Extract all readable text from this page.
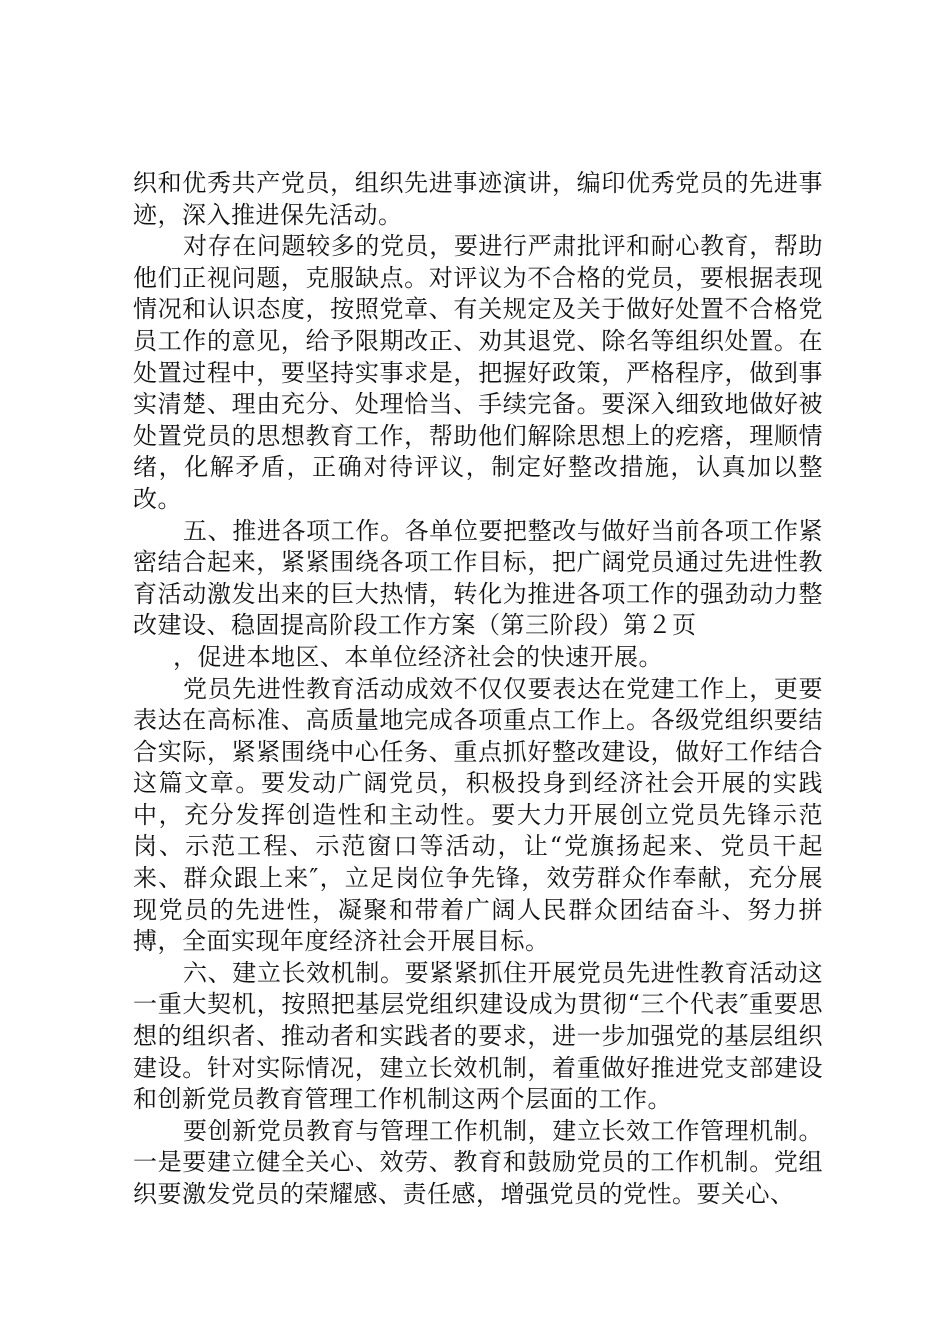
织和优秀共产党员，组织先进事迹演讲，编印优秀党员的先进事迹，深入推进保先活动。

对存在问题较多的党员，要进行严肃批评和耐心教育，帮助他们正视问题，克服缺点。对评议为不合格的党员，要根据表现情况和认识态度，按照党章、有关规定及关于做好处置不合格党员工作的意见，给予限期改正、劝其退党、除名等组织处置。在处置过程中，要坚持实事求是，把握好政策，严格程序，做到事实清楚、理由充分、处理恰当、手续完备。要深入细致地做好被处置党员的思想教育工作，帮助他们解除思想上的疙瘩，理顺情绪，化解矛盾，正确对待评议，制定好整改措施，认真加以整改。

五、推进各项工作。各单位要把整改与做好当前各项工作紧密结合起来，紧紧围绕各项工作目标，把广阔党员通过先进性教育活动激发出来的巨大热情，转化为推进各项工作的强劲动力整改建设、稳固提高阶段工作方案（第三阶段）第２页

，促进本地区、本单位经济社会的快速开展。

党员先进性教育活动成效不仅仅要表达在党建工作上，更要表达在高标准、高质量地完成各项重点工作上。各级党组织要结合实际，紧紧围绕中心任务、重点抓好整改建设，做好工作结合这篇文章。要发动广阔党员，积极投身到经济社会开展的实践中，充分发挥创造性和主动性。要大力开展创立党员先锋示范岗、示范工程、示范窗口等活动，让“党旗扬起来、党员干起来、群众跟上来″，立足岗位争先锋，效劳群众作奉献，充分展现党员的先进性，凝聚和带着广阔人民群众团结奋斗、努力拼搏，全面实现年度经济社会开展目标。

六、建立长效机制。要紧紧抓住开展党员先进性教育活动这一重大契机，按照把基层党组织建设成为贯彻“三个代表″重要思想的组织者、推动者和实践者的要求，进一步加强党的基层组织建设。针对实际情况，建立长效机制，着重做好推进党支部建设和创新党员教育管理工作机制这两个层面的工作。

要创新党员教育与管理工作机制，建立长效工作管理机制。一是要建立健全关心、效劳、教育和鼓励党员的工作机制。党组织要激发党员的荣耀感、责任感，增强党员的党性。要关心、
